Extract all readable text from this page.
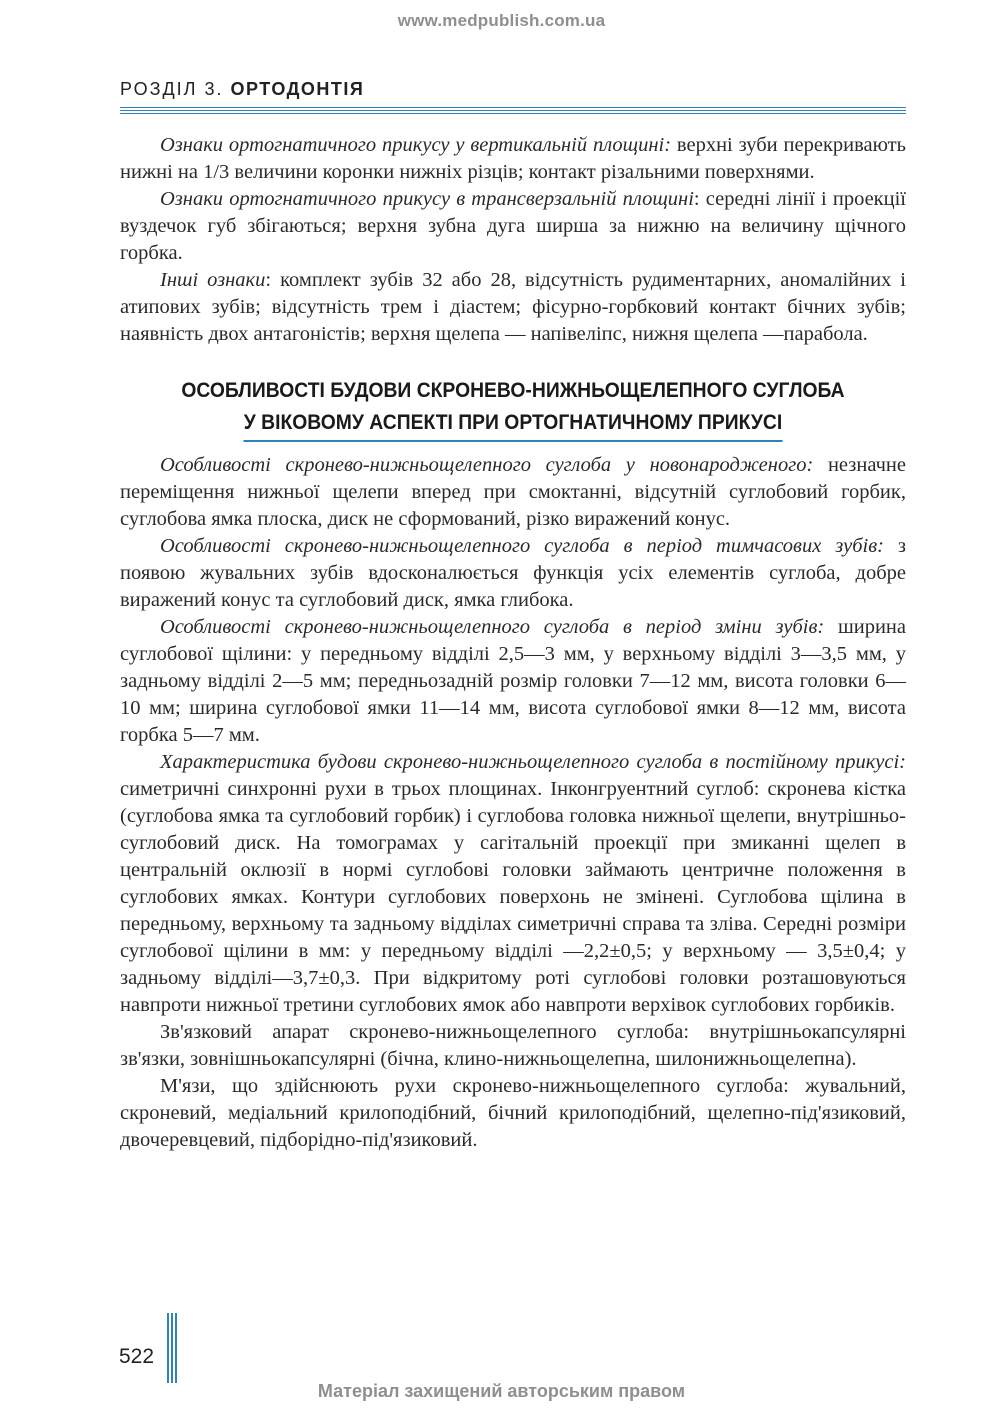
www.medpublish.com.ua
РОЗДІЛ 3. ОРТОДОНТІЯ

Ознаки ортогнатичного прикусу у вертикальній площині: верхні зуби перекривають нижні на 1/3 величини коронки нижніх різців; контакт різальними поверхнями.

Ознаки ортогнатичного прикусу в трансверзальній площині: середні лінії і проекції вуздечок губ збігаються; верхня зубна дуга ширша за нижню на величину щічного горбка.

Інші ознаки: комплект зубів 32 або 28, відсутність рудиментарних, аномалійних і атипових зубів; відсутність трем і діастем; фісурно-горбковий контакт бічних зубів; наявність двох антагоністів; верхня щелепа — напівеліпс, нижня щелепа —парабола.

ОСОБЛИВОСТІ БУДОВИ СКРОНЕВО-НИЖНЬОЩЕЛЕПНОГО СУГЛОБА
У ВІКОВОМУ АСПЕКТІ ПРИ ОРТОГНАТИЧНОМУ ПРИКУСІ

Особливості скронево-нижньощелепного суглоба у новонародженого: незначне переміщення нижньої щелепи вперед при смоктанні, відсутній суглобовий горбик, суглобова ямка плоска, диск не сформований, різко виражений конус.

Особливості скронево-нижньощелепного суглоба в період тимчасових зубів: з появою жувальних зубів вдосконалюється функція усіх елементів суглоба, добре виражений конус та суглобовий диск, ямка глибока.

Особливості скронево-нижньощелепного суглоба в період зміни зубів: ширина суглобової щілини: у передньому відділі 2,5—3 мм, у верхньому відділі 3—3,5 мм, у задньому відділі 2—5 мм; передньозадній розмір головки 7—12 мм, висота головки 6—10 мм; ширина суглобової ямки 11—14 мм, висота суглобової ямки 8—12 мм, висота горбка 5—7 мм.

Характеристика будови скронево-нижньощелепного суглоба в постійному прикусі: симетричні синхронні рухи в трьох площинах. Інконгруентний суглоб: скронева кістка (суглобова ямка та суглобовий горбик) і суглобова головка нижньої щелепи, внутрішньо-суглобовий диск. На томограмах у сагітальній проекції при змиканні щелеп в центральній оклюзії в нормі суглобові головки займають центричне положення в суглобових ямках. Контури суглобових поверхонь не змінені. Суглобова щілина в передньому, верхньому та задньому відділах симетричні справа та зліва. Середні розміри суглобової щілини в мм: у передньому відділі —2,2±0,5; у верхньому — 3,5±0,4; у задньому відділі—3,7±0,3. При відкритому роті суглобові головки розташовуються навпроти нижньої третини суглобових ямок або навпроти верхівок суглобових горбиків.

Зв'язковий апарат скронево-нижньощелепного суглоба: внутрішньокапсулярні зв'язки, зовнішньокапсулярні (бічна, клино-нижньощелепна, шилонижньощелепна).

М'язи, що здійснюють рухи скронево-нижньощелепного суглоба: жувальний, скроневий, медіальний крилоподібний, бічний крилоподібний, щелепно-під'язиковий, двочеревцевий, підборідно-під'язиковий.

522
Матеріал захищений авторським правом
